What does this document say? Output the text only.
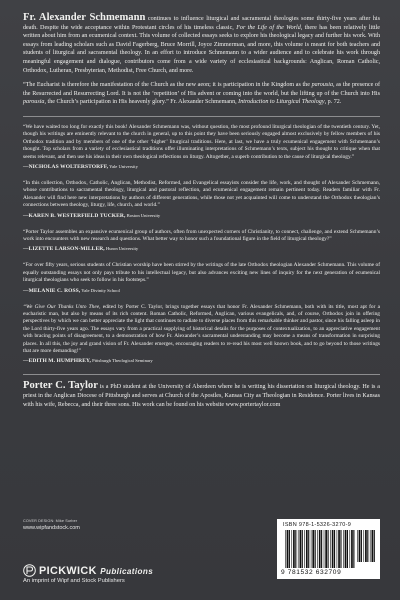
Fr. Alexander Schmemann continues to influence liturgical and sacramental theologies some thirty-five years after his death. Despite the wide acceptance within Protestant circles of his timeless classic, For the Life of the World, there has been relatively little written about him from an ecumenical context. This volume of collected essays seeks to explore his theological legacy and further his work. With essays from leading scholars such as David Fagerberg, Bruce Morrill, Joyce Zimmerman, and more, this volume is meant for both teachers and students of liturgical and sacramental theology. In an effort to introduce Schmemann to a wider audience and to celebrate his work through meaningful engagement and dialogue, contributors come from a wide variety of ecclesiastical backgrounds: Anglican, Roman Catholic, Orthodox, Lutheran, Presbyterian, Methodist, Free Church, and more.

“The Eucharist is therefore the manifestation of the Church as the new aeon; it is participation in the Kingdom as the parousia, as the presence of the Resurrected and Resurrecting Lord. It is not the ‘repetition’ of His advent or coming into the world, but the lifting up of the Church into His parousia, the Church’s participation in His heavenly glory.” Fr. Alexander Schmemann, Introduction to Liturgical Theology, p. 72.

“We have waited too long for exactly this book! Alexander Schmemann was, without question, the most profound liturgical theologian of the twentieth century. Yet, though his writings are eminently relevant to the church in general, up to this point they have been seriously engaged almost exclusively by fellow members of his Orthodox tradition and by members of one of the other ‘higher’ liturgical traditions. Here, at last, we have a truly ecumenical engagement with Schmemann’s thought. Top scholars from a variety of ecclesiastical traditions offer illuminating interpretations of Schmemann’s texts, subject his thought to critique when that seems relevant, and then use his ideas in their own theological reflections on liturgy. Altogether, a superb contribution to the cause of liturgical theology.”

—NICHOLAS WOLTERSTORFF, Yale University

“In this collection, Orthodox, Catholic, Anglican, Methodist, Reformed, and Evangelical essayists consider the life, work, and thought of Alexander Schmemann, whose contributions to sacramental theology, liturgical and pastoral reflection, and ecumenical engagement remain pertinent today. Readers familiar with Fr. Alexander will find here new interpretations by authors of different generations, while those not yet acquainted will come to understand the Orthodox theologian’s connections between theology, liturgy, life, church, and world.”

—KAREN B. WESTERFIELD TUCKER, Boston University

“Porter Taylor assembles an expansive ecumenical group of authors, often from unexpected corners of Christianity, to connect, challenge, and extend Schmemann’s work into encounters with new research and questions. What better way to honor such a foundational figure in the field of liturgical theology?”

—LIZETTE LARSON-MILLER, Huron University

“For over fifty years, serious students of Christian worship have been stirred by the writings of the late Orthodox theologian Alexander Schmemann. This volume of equally outstanding essays not only pays tribute to his intellectual legacy, but also advances exciting new lines of inquiry for the next generation of ecumenical liturgical theologians who seek to follow in his footsteps.”

—MELANIE C. ROSS, Yale Divinity School

“We Give Our Thanks Unto Thee, edited by Porter C. Taylor, brings together essays that honor Fr. Alexander Schmemann, both with its title, most apt for a eucharistic man, but also by means of its rich content. Roman Catholic, Reformed, Anglican, various evangelicals, and, of course, Orthodox join in offering perspectives by which we can better appreciate the light that continues to radiate to diverse places from this remarkable thinker and pastor, since his falling asleep in the Lord thirty-five years ago. The essays vary from a practical supplying of historical details for the purposes of contextualization, to an appreciative engagement with bracing points of disagreement, to a demonstration of how Fr. Alexander’s sacramental understanding may become a means of transformation in surprising places. In all this, the joy and grand vision of Fr. Alexander emerges, encouraging readers to re-read his most well known book, and to go beyond to those writings that are more demanding!”

—EDITH M. HUMPHREY, Pittsburgh Theological Seminary

Porter C. Taylor is a PhD student at the University of Aberdeen where he is writing his dissertation on liturgical theology. He is a priest in the Anglican Diocese of Pittsburgh and serves at Church of the Apostles, Kansas City as Theologian in Residence. Porter lives in Kansas with his wife, Rebecca, and their three sons. His work can be found on his website www.portertaylor.com

COVER DESIGN: Mike Surber
www.wipfandstock.com
PICKWICK Publications
An imprint of Wipf and Stock Publishers
ISBN 978-1-5326-3270-9
9 781532 632709
